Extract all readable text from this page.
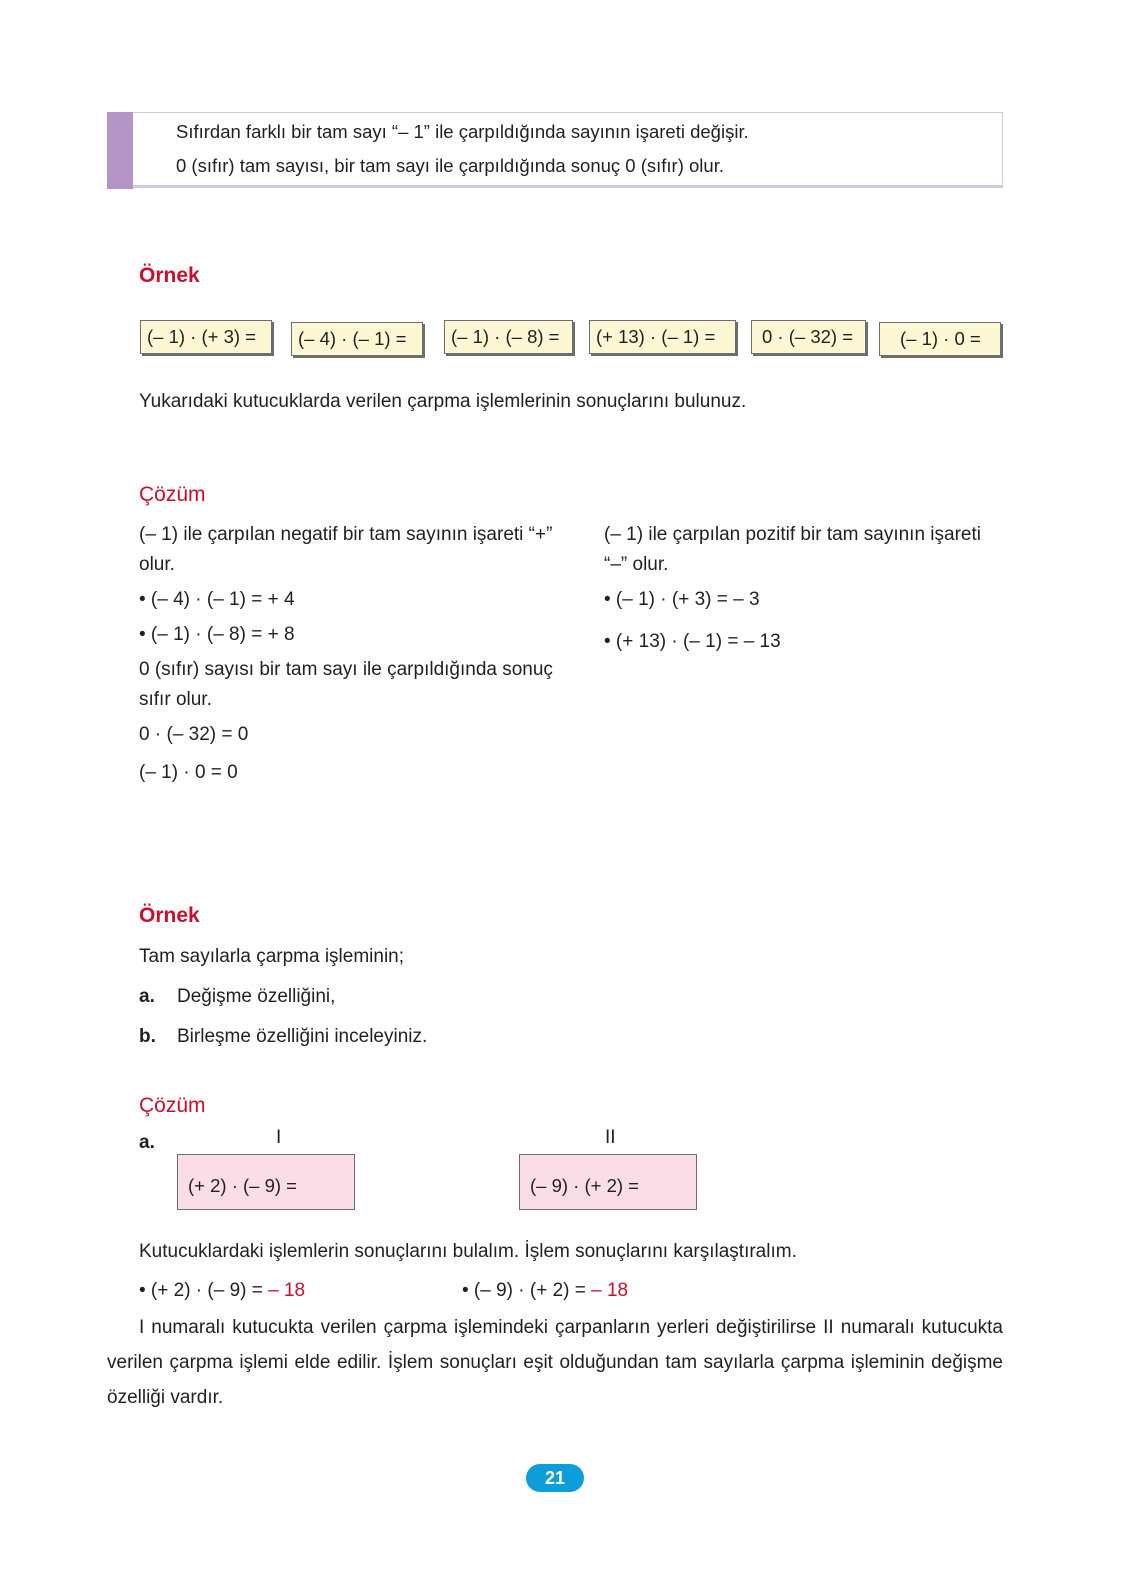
Sıfırdan farklı bir tam sayı “– 1” ile çarpıldığında sayının işareti değişir.
0 (sıfır) tam sayısı, bir tam sayı ile çarpıldığında sonuç 0 (sıfır) olur.
Örnek
(– 1) · (+ 3) =	(– 4) · (– 1) =	(– 1) · (– 8) =	(+ 13) · (– 1) =	0 · (– 32) =	(– 1) · 0 =
Yukarıdaki kutucuklarda verilen çarpma işlemlerinin sonuçlarını bulunuz.
Çözüm
(– 1) ile çarpılan negatif bir tam sayının işareti “+”
olur.
• (– 4) · (– 1) = + 4
• (– 1) · (– 8) = + 8
0 (sıfır) sayısı bir tam sayı ile çarpıldığında sonuç
sıfır olur.
0 · (– 32) = 0
(– 1) · 0 = 0
(– 1) ile çarpılan pozitif bir tam sayının işareti
“–” olur.
• (– 1) · (+ 3) = – 3
• (+ 13) · (– 1) = – 13
Örnek
Tam sayılarla çarpma işleminin;
a. Değişme özelliğini,
b. Birleşme özelliğini inceleyiniz.
Çözüm
a.	I
(+ 2) · (– 9) =
II
(– 9) · (+ 2) =
Kutucuklardaki işlemlerin sonuçlarını bulalım. İşlem sonuçlarını karşılaştıralım.
• (+ 2) · (– 9) = – 18	• (– 9) · (+ 2) = – 18
I numaralı kutucukta verilen çarpma işlemindeki çarpanların yerleri değiştirilirse II numaralı kutucukta verilen çarpma işlemi elde edilir. İşlem sonuçları eşit olduğundan tam sayılarla çarpma işleminin değişme özelliği vardır.
21
